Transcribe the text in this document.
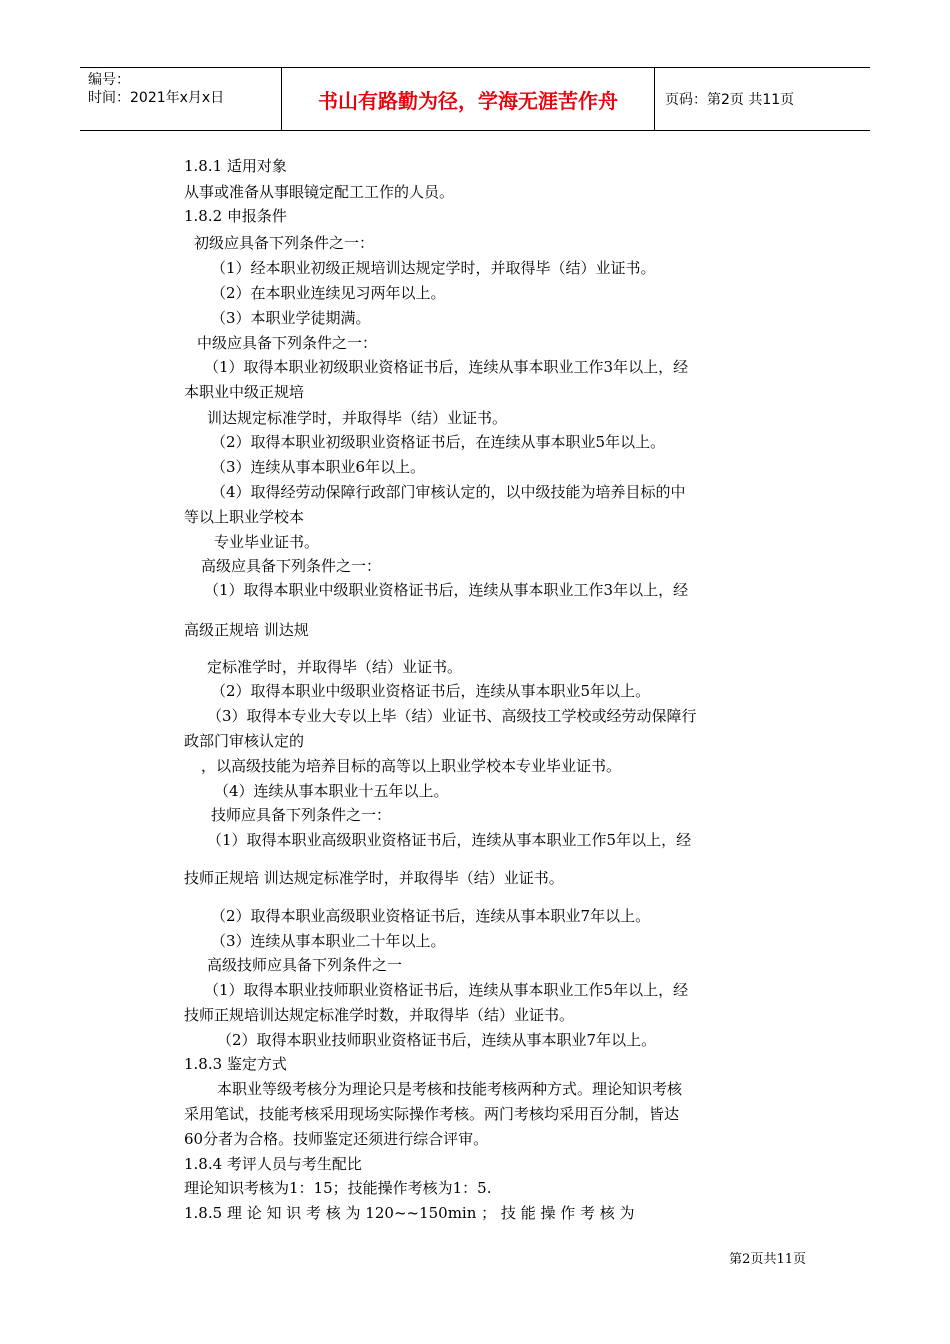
编号：
时间：2021年x月x日	书山有路勤为径，学海无涯苦作舟	页码：第2页 共11页
1.8.1 适用对象
从事或准备从事眼镜定配工工作的人员。
1.8.2 申报条件
初级应具备下列条件之一：
（1）经本职业初级正规培训达规定学时，并取得毕（结）业证书。
（2）在本职业连续见习两年以上。
（3）本职业学徒期满。
中级应具备下列条件之一：
（1）取得本职业初级职业资格证书后，连续从事本职业工作3年以上，经
本职业中级正规培
训达规定标准学时，并取得毕（结）业证书。
（2）取得本职业初级职业资格证书后，在连续从事本职业5年以上。
（3）连续从事本职业6年以上。
（4）取得经劳动保障行政部门审核认定的，以中级技能为培养目标的中
等以上职业学校本
专业毕业证书。
高级应具备下列条件之一：
（1）取得本职业中级职业资格证书后，连续从事本职业工作3年以上，经
高级正规培 训达规
定标准学时，并取得毕（结）业证书。
（2）取得本职业中级职业资格证书后，连续从事本职业5年以上。
（3）取得本专业大专以上毕（结）业证书、高级技工学校或经劳动保障行
政部门审核认定的
，以高级技能为培养目标的高等以上职业学校本专业毕业证书。
（4）连续从事本职业十五年以上。
技师应具备下列条件之一：
（1）取得本职业高级职业资格证书后，连续从事本职业工作5年以上，经
技师正规培 训达规定标准学时，并取得毕（结）业证书。
（2）取得本职业高级职业资格证书后，连续从事本职业7年以上。
（3）连续从事本职业二十年以上。
高级技师应具备下列条件之一
（1）取得本职业技师职业资格证书后，连续从事本职业工作5年以上，经
技师正规培训达规定标准学时数，并取得毕（结）业证书。
（2）取得本职业技师职业资格证书后，连续从事本职业7年以上。
1.8.3 鉴定方式
本职业等级考核分为理论只是考核和技能考核两种方式。理论知识考核
采用笔试，技能考核采用现场实际操作考核。两门考核均采用百分制，皆达
60分者为合格。技师鉴定还须进行综合评审。
1.8.4 考评人员与考生配比
理论知识考核为1：15；技能操作考核为1：5.
1.8.5 理 论 知 识 考 核 为 120~~150min ； 技 能 操 作 考 核 为
第2页共11页
